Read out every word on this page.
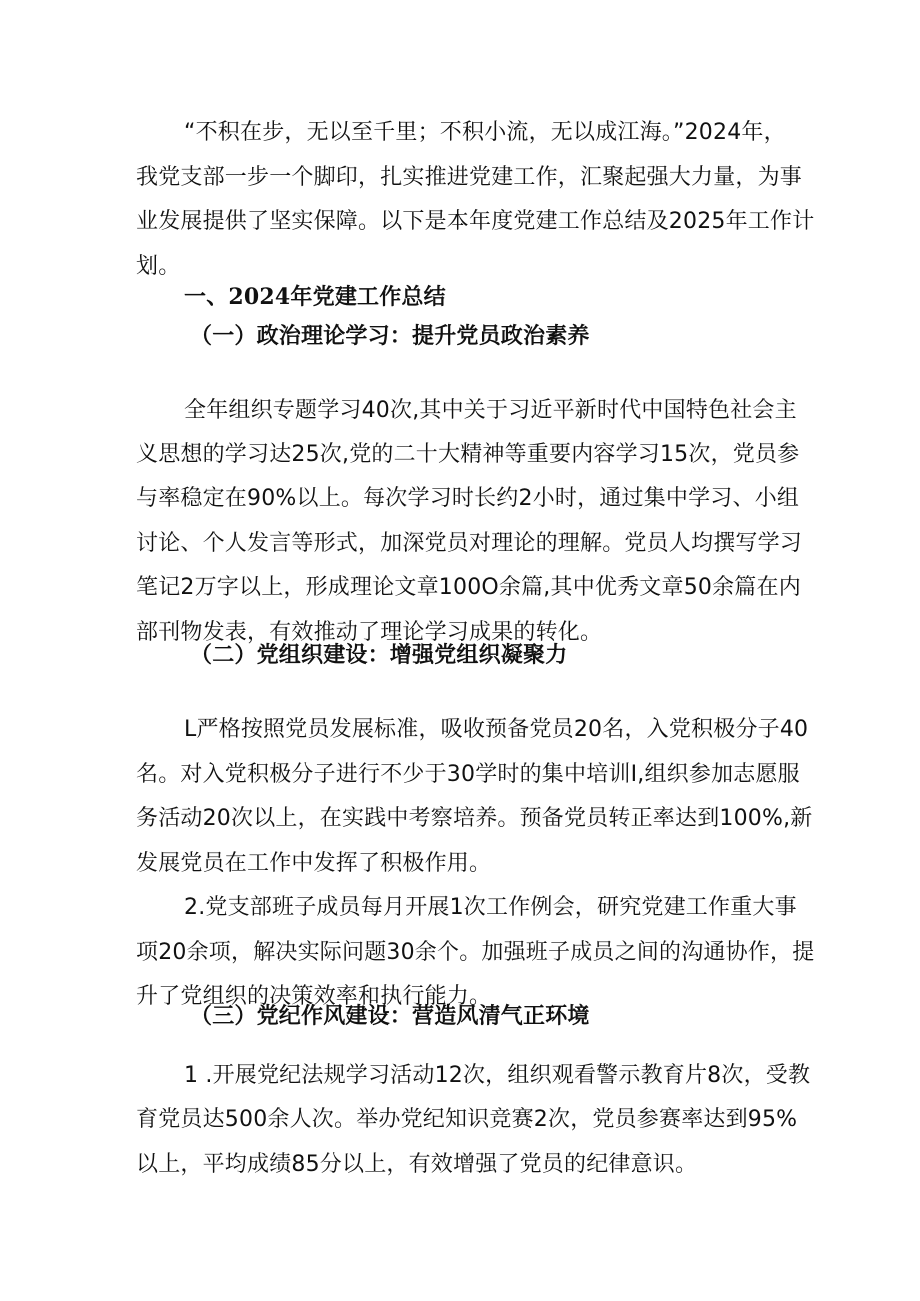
“不积在步，无以至千里；不积小流，无以成江海。”2024年，
我党支部一步一个脚印，扎实推进党建工作，汇聚起强大力量，为事
业发展提供了坚实保障。以下是本年度党建工作总结及2025年工作计
划。
一、2024年党建工作总结
（一）政治理论学习：提升党员政治素养
全年组织专题学习40次,其中关于习近平新时代中国特色社会主
义思想的学习达25次,党的二十大精神等重要内容学习15次，党员参
与率稳定在90%以上。每次学习时长约2小时，通过集中学习、小组
讨论、个人发言等形式，加深党员对理论的理解。党员人均撰写学习
笔记2万字以上，形成理论文章100O余篇,其中优秀文章50余篇在内
部刊物发表，有效推动了理论学习成果的转化。
（二）党组织建设：增强党组织凝聚力
L严格按照党员发展标准，吸收预备党员20名，入党积极分子40
名。对入党积极分子进行不少于30学时的集中培训I,组织参加志愿服
务活动20次以上，在实践中考察培养。预备党员转正率达到100%,新
发展党员在工作中发挥了积极作用。
2.党支部班子成员每月开展1次工作例会，研究党建工作重大事
项20余项，解决实际问题30余个。加强班子成员之间的沟通协作，提
升了党组织的决策效率和执行能力。
（三）党纪作风建设：营造风清气正环境
1 .开展党纪法规学习活动12次，组织观看警示教育片8次，受教
育党员达500余人次。举办党纪知识竞赛2次，党员参赛率达到95%
以上，平均成绩85分以上，有效增强了党员的纪律意识。
